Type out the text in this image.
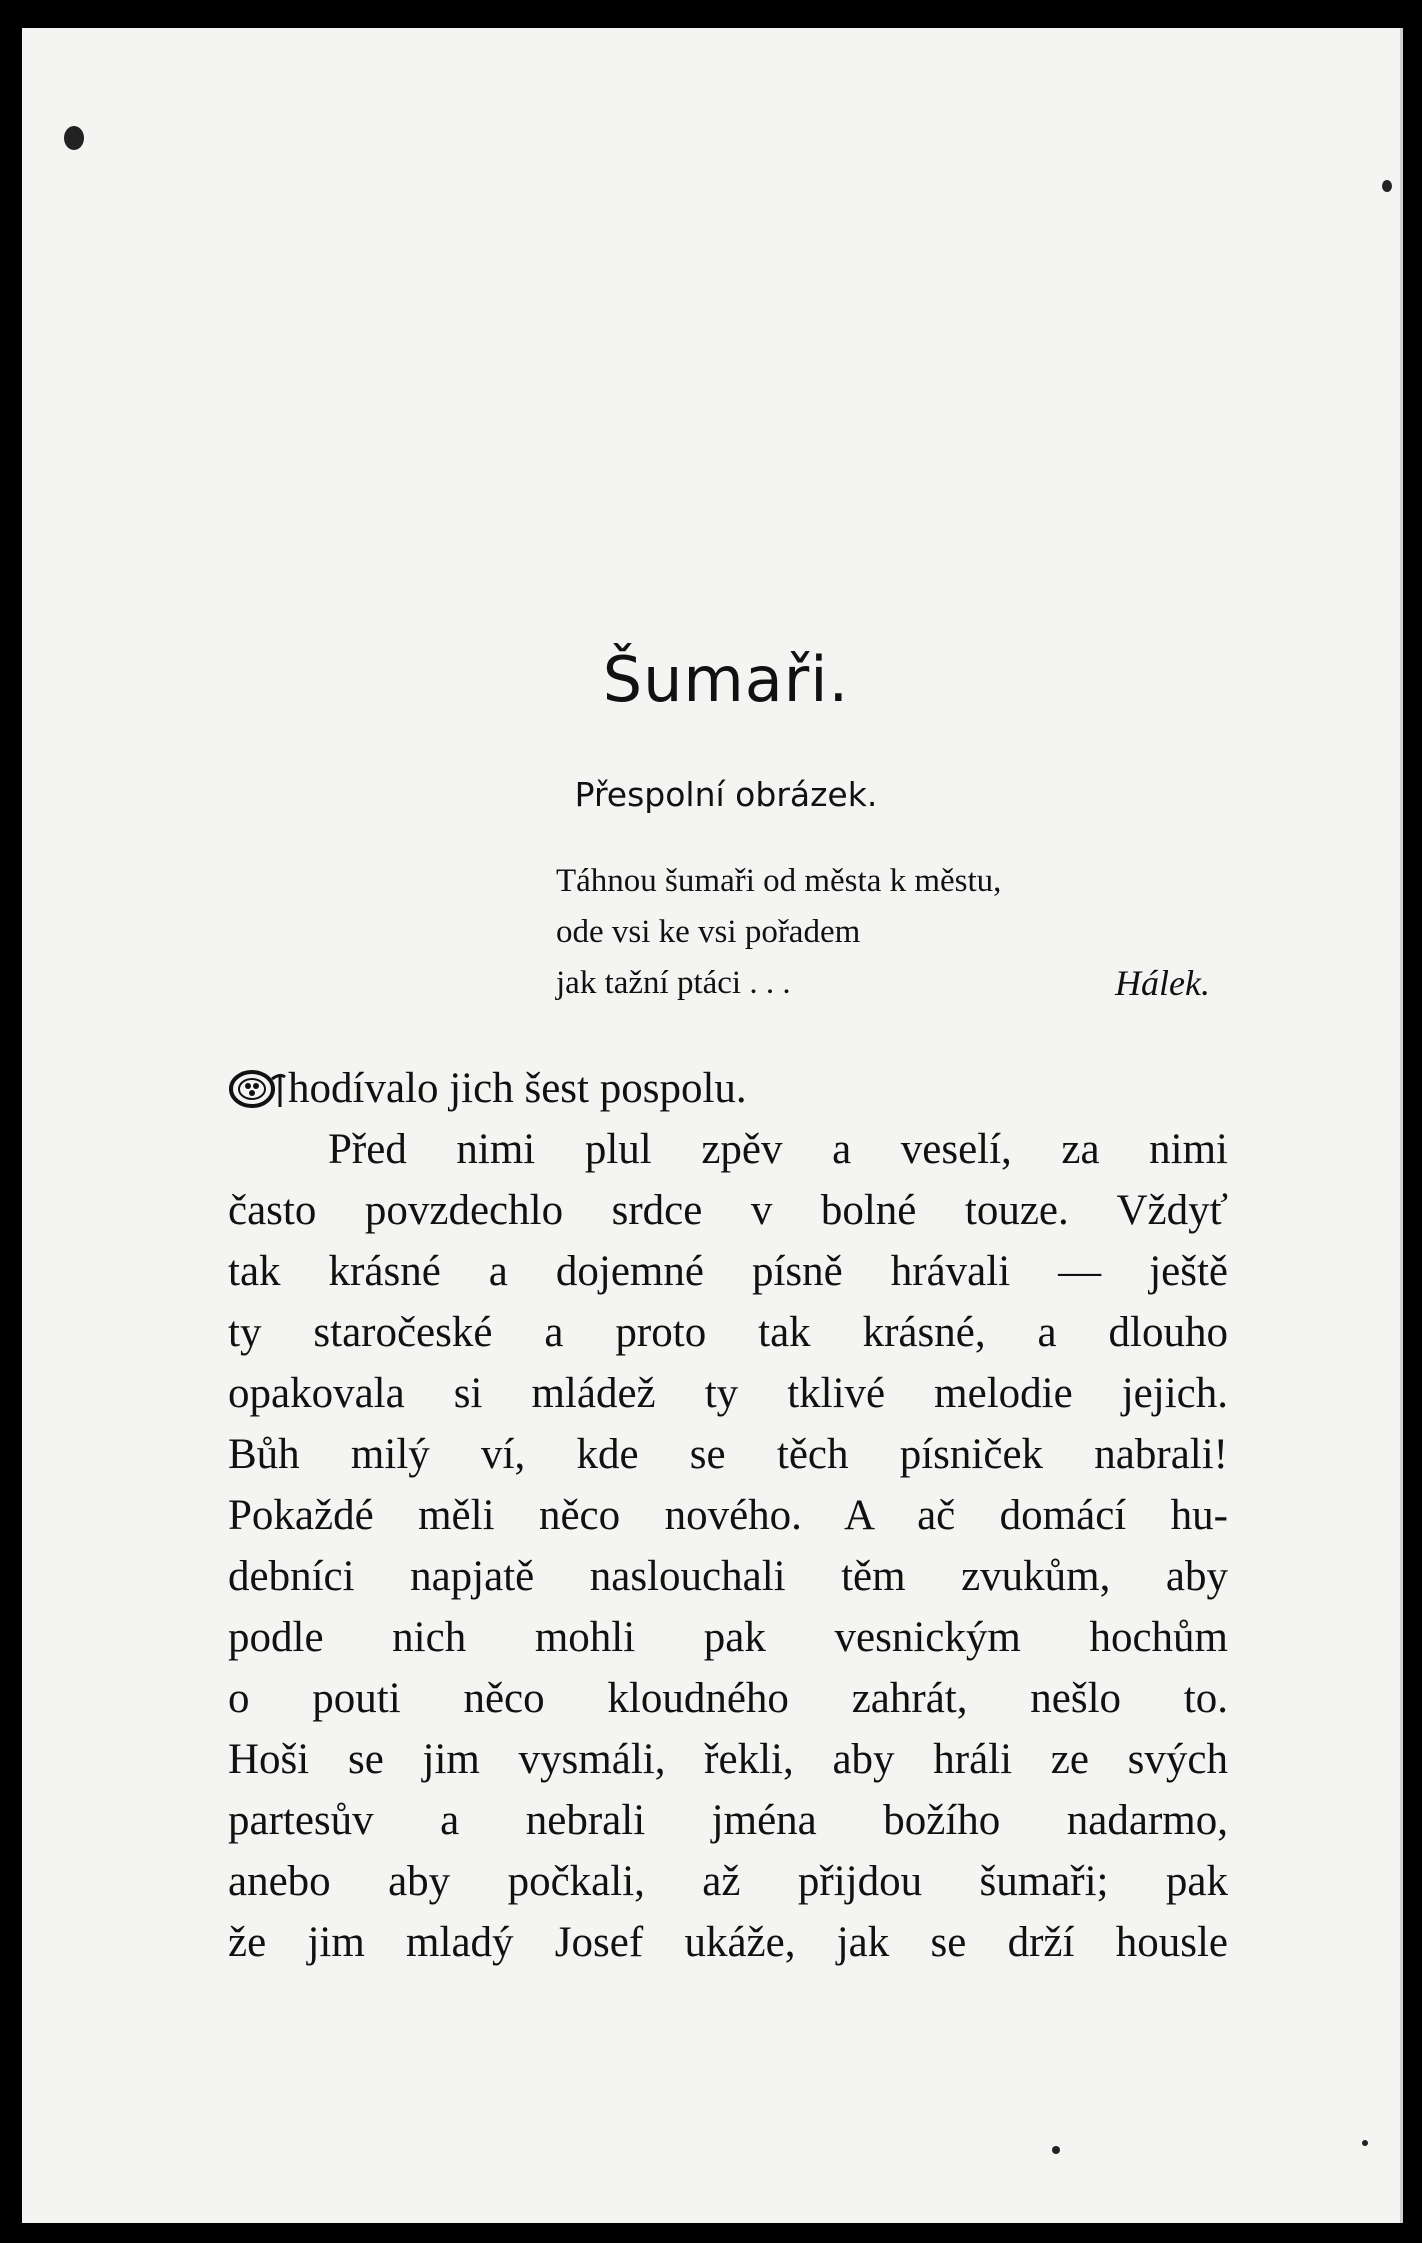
Šumaři.
Přespolní obrázek.
Táhnou šumaři od města k městu,
ode vsi ke vsi pořadem
jak tažní ptáci . . .	Hálek.
hodívalo jich šest pospolu.
Před nimi plul zpěv a veselí, za nimi
často povzdechlo srdce v bolné touze. Vždyť
tak krásné a dojemné písně hrávali — ještě
ty staročeské a proto tak krásné, a dlouho
opakovala si mládež ty tklivé melodie jejich.
Bůh milý ví, kde se těch písniček nabrali!
Pokaždé měli něco nového. A ač domácí hu-
debníci napjatě naslouchali těm zvukům, aby
podle nich mohli pak vesnickým hochům
o pouti něco kloudného zahrát, nešlo to.
Hoši se jim vysmáli, řekli, aby hráli ze svých
partesův a nebrali jména božího nadarmo,
anebo aby počkali, až přijdou šumaři; pak
že jim mladý Josef ukáže, jak se drží housle
